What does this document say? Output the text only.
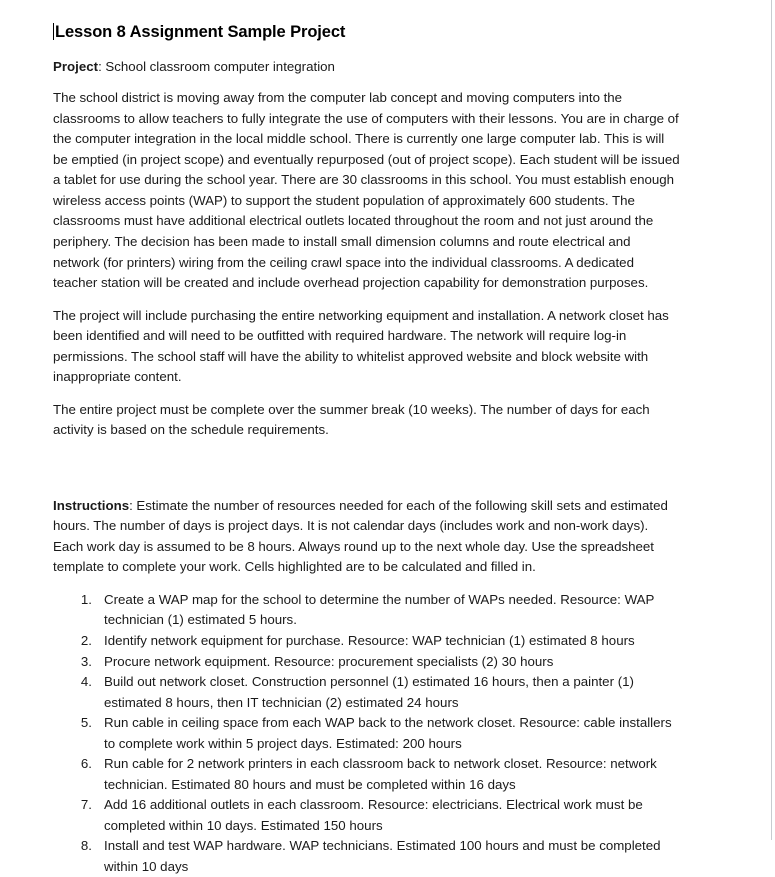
Lesson 8 Assignment Sample Project

Project: School classroom computer integration

The school district is moving away from the computer lab concept and moving computers into the classrooms to allow teachers to fully integrate the use of computers with their lessons. You are in charge of the computer integration in the local middle school. There is currently one large computer lab. This is will be emptied (in project scope) and eventually repurposed (out of project scope). Each student will be issued a tablet for use during the school year. There are 30 classrooms in this school. You must establish enough wireless access points (WAP) to support the student population of approximately 600 students. The classrooms must have additional electrical outlets located throughout the room and not just around the periphery. The decision has been made to install small dimension columns and route electrical and network (for printers) wiring from the ceiling crawl space into the individual classrooms. A dedicated teacher station will be created and include overhead projection capability for demonstration purposes.

The project will include purchasing the entire networking equipment and installation. A network closet has been identified and will need to be outfitted with required hardware. The network will require log-in permissions. The school staff will have the ability to whitelist approved website and block website with inappropriate content.

The entire project must be complete over the summer break (10 weeks). The number of days for each activity is based on the schedule requirements.

Instructions: Estimate the number of resources needed for each of the following skill sets and estimated hours. The number of days is project days. It is not calendar days (includes work and non-work days). Each work day is assumed to be 8 hours. Always round up to the next whole day. Use the spreadsheet template to complete your work. Cells highlighted are to be calculated and filled in.

Create a WAP map for the school to determine the number of WAPs needed. Resource: WAP technician (1) estimated 5 hours.
Identify network equipment for purchase. Resource: WAP technician (1) estimated 8 hours
Procure network equipment. Resource: procurement specialists (2) 30 hours
Build out network closet. Construction personnel (1) estimated 16 hours, then a painter (1) estimated 8 hours, then IT technician (2) estimated 24 hours
Run cable in ceiling space from each WAP back to the network closet. Resource: cable installers to complete work within 5 project days. Estimated: 200 hours
Run cable for 2 network printers in each classroom back to network closet. Resource: network technician. Estimated 80 hours and must be completed within 16 days
Add 16 additional outlets in each classroom. Resource: electricians. Electrical work must be completed within 10 days. Estimated 150 hours
Install and test WAP hardware. WAP technicians. Estimated 100 hours and must be completed within 10 days
